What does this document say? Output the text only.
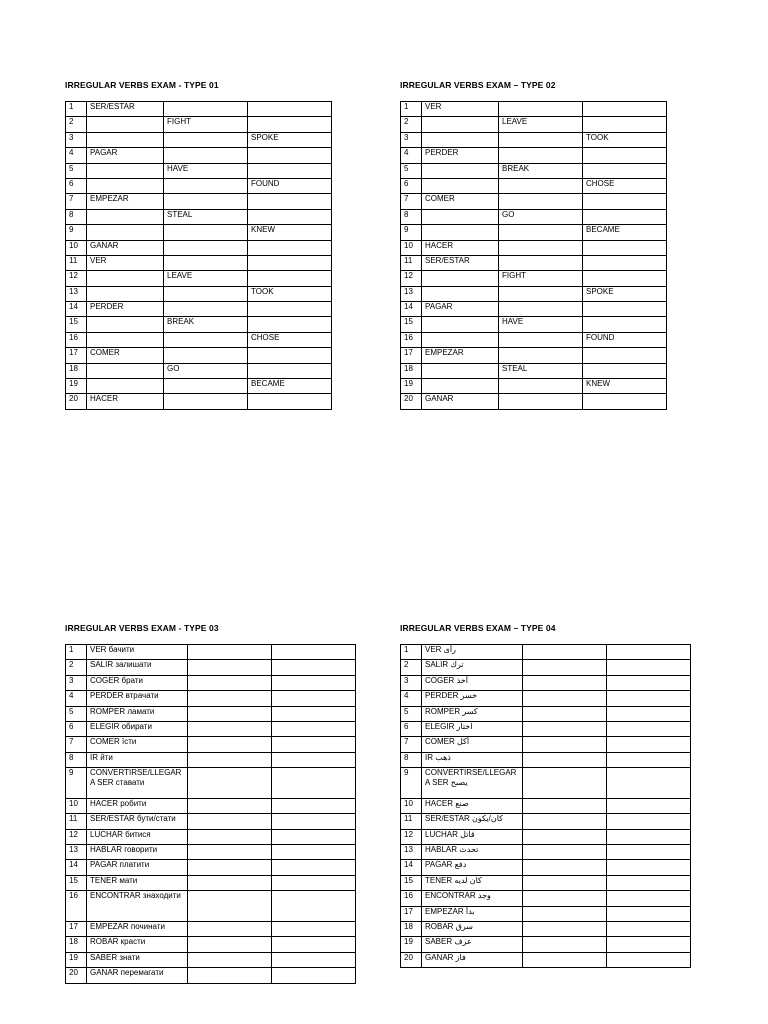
IRREGULAR VERBS EXAM - TYPE 01
1	SER/ESTAR		
2		FIGHT	
3			SPOKE
4	PAGAR		
5		HAVE	
6			FOUND
7	EMPEZAR		
8		STEAL	
9			KNEW
10	GANAR		
11	VER		
12		LEAVE	
13			TOOK
14	PERDER		
15		BREAK	
16			CHOSE
17	COMER		
18		GO	
19			BECAME
20	HACER		
IRREGULAR VERBS EXAM – TYPE 02
1	VER		
2		LEAVE	
3			TOOK
4	PERDER		
5		BREAK	
6			CHOSE
7	COMER		
8		GO	
9			BECAME
10	HACER		
11	SER/ESTAR		
12		FIGHT	
13			SPOKE
14	PAGAR		
15		HAVE	
16			FOUND
17	EMPEZAR		
18		STEAL	
19			KNEW
20	GANAR		
IRREGULAR VERBS EXAM - TYPE 03
1	VER бачити		
2	SALIR залишати		
3	COGER брати		
4	PERDER втрачати		
5	ROMPER ламати		
6	ELEGIR обирати		
7	COMER їсти		
8	IR йти		
9	CONVERTIRSE/LLEGAR A SER ставати		
10	HACER робити		
11	SER/ESTAR бути/стати		
12	LUCHAR битися		
13	HABLAR говорити		
14	PAGAR платити		
15	TENER мати		
16	ENCONTRAR знаходити		
17	EMPEZAR починати		
18	ROBAR красти		
19	SABER знати		
20	GANAR перемагати		
IRREGULAR VERBS EXAM – TYPE 04
1	VER رأى		
2	SALIR ترك		
3	COGER أخذ		
4	PERDER خسر		
5	ROMPER كسر		
6	ELEGIR اختار		
7	COMER أكل		
8	IR ذهب		
9	CONVERTIRSE/LLEGAR A SER يصبح		
10	HACER صنع		
11	SER/ESTAR كان/يكون		
12	LUCHAR قاتل		
13	HABLAR تحدث		
14	PAGAR دفع		
15	TENER كان لديه		
16	ENCONTRAR وجد		
17	EMPEZAR بدأ		
18	ROBAR سرق		
19	SABER عرف		
20	GANAR فاز		
